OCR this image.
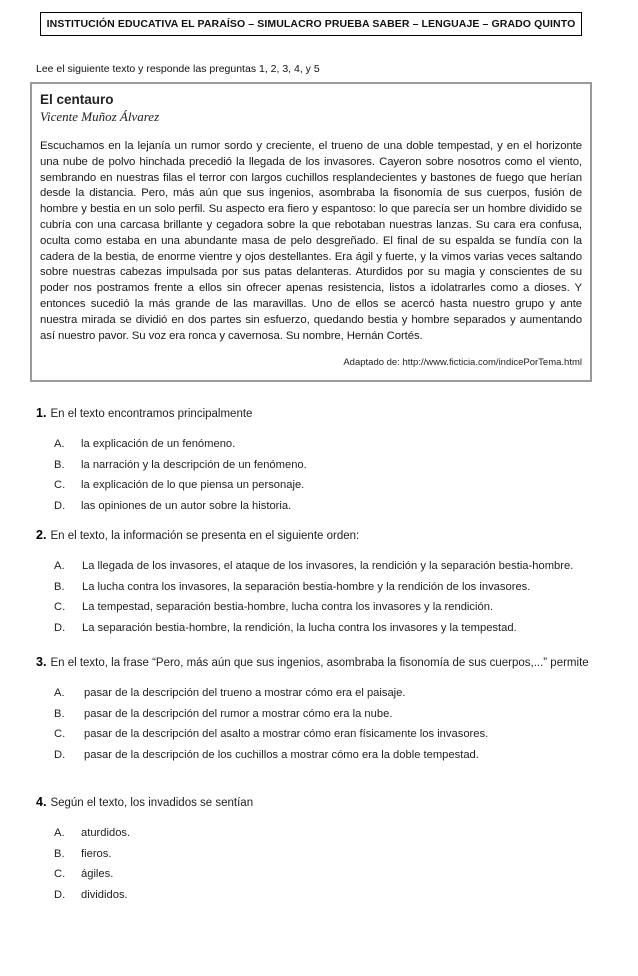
INSTITUCIÓN EDUCATIVA EL PARAÍSO – SIMULACRO PRUEBA SABER – LENGUAJE – GRADO QUINTO
Lee el siguiente texto y responde las preguntas 1, 2, 3, 4, y 5

El centauro

Vicente Muñoz Álvarez

Escuchamos en la lejanía un rumor sordo y creciente, el trueno de una doble tempestad, y en el horizonte una nube de polvo hinchada precedió la llegada de los invasores. Cayeron sobre nosotros como el viento, sembrando en nuestras filas el terror con largos cuchillos resplandecientes y bastones de fuego que herían desde la distancia. Pero, más aún que sus ingenios, asombraba la fisonomía de sus cuerpos, fusión de hombre y bestia en un solo perfil. Su aspecto era fiero y espantoso: lo que parecía ser un hombre dividido se cubría con una carcasa brillante y cegadora sobre la que rebotaban nuestras lanzas. Su cara era confusa, oculta como estaba en una abundante masa de pelo desgreñado. El final de su espalda se fundía con la cadera de la bestia, de enorme vientre y ojos destellantes. Era ágil y fuerte, y la vimos varias veces saltando sobre nuestras cabezas impulsada por sus patas delanteras. Aturdidos por su magia y conscientes de su poder nos postramos frente a ellos sin ofrecer apenas resistencia, listos a idolatrarles como a dioses. Y entonces sucedió la más grande de las maravillas. Uno de ellos se acercó hasta nuestro grupo y ante nuestra mirada se dividió en dos partes sin esfuerzo, quedando bestia y hombre separados y aumentando así nuestro pavor. Su voz era ronca y cavernosa. Su nombre, Hernán Cortés.

Adaptado de: http://www.ficticia.com/indicePorTema.html
1. En el texto encontramos principalmente
A.	la explicación de un fenómeno.
B.	la narración y la descripción de un fenómeno.
C.	la explicación de lo que piensa un personaje.
D.	las opiniones de un autor sobre la historia.
2. En el texto, la información se presenta en el siguiente orden:
A.	La llegada de los invasores, el ataque de los invasores, la rendición y la separación bestia-hombre.
B.	La lucha contra los invasores, la separación bestia-hombre y la rendición de los invasores.
C.	La tempestad, separación bestia-hombre, lucha contra los invasores y la rendición.
D.	La separación bestia-hombre, la rendición, la lucha contra los invasores y la tempestad.
3. En el texto, la frase “Pero, más aún que sus ingenios, asombraba la fisonomía de sus cuerpos,...” permite
A.	pasar de la descripción del trueno a mostrar cómo era el paisaje.
B.	pasar de la descripción del rumor a mostrar cómo era la nube.
C.	pasar de la descripción del asalto a mostrar cómo eran físicamente los invasores.
D.	pasar de la descripción de los cuchillos a mostrar cómo era la doble tempestad.
4. Según el texto, los invadidos se sentían
A.	aturdidos.
B.	fieros.
C.	ágiles.
D.	divididos.
